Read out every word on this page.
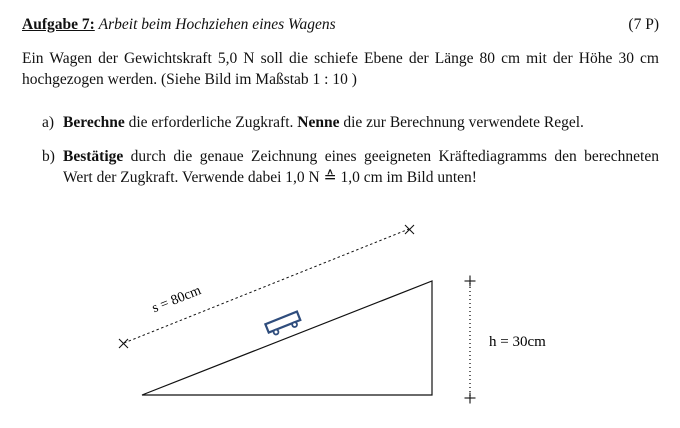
Aufgabe 7: Arbeit beim Hochziehen eines Wagens	(7 P)
Ein Wagen der Gewichtskraft 5,0 N soll die schiefe Ebene der Länge 80 cm mit der Höhe 30 cm hochgezogen werden. (Siehe Bild im Maßstab 1 : 10 )
a) Berechne die erforderliche Zugkraft. Nenne die zur Berechnung verwendete Regel.
b) Bestätige durch die genaue Zeichnung eines geeigneten Kräftediagramms den berechneten Wert der Zugkraft. Verwende dabei 1,0 N ≙ 1,0 cm im Bild unten!
s = 80cm
h = 30cm
